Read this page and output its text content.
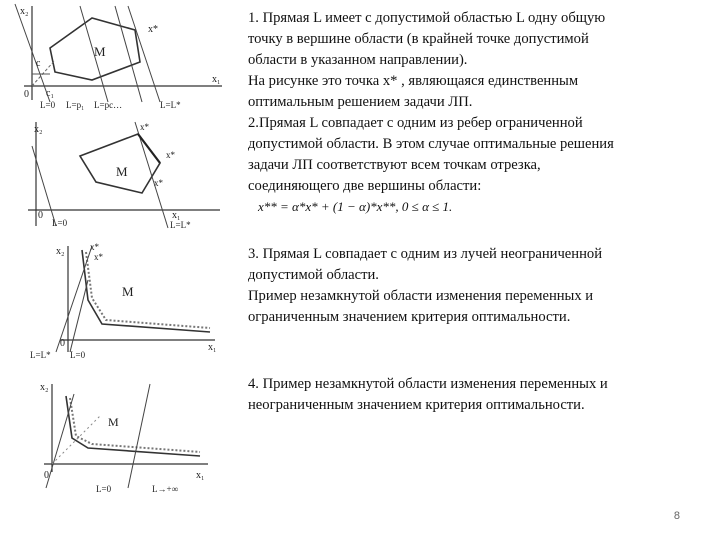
x₂
M
x*
c
0 c₁
x₁
L=0 L=p₁ L=pc…	L=L*
x₂	x*
x*
x*
M
0	x₁
L=0	L=L*
x₂	x*
x*
M
0	x₁
L=L* L=0
x₂
M
0	x₁
L=0	L→+∞

1. Прямая L имеет с допустимой областью L одну общую
точку в вершине области (в крайней точке допустимой
области в указанном направлении).
На рисунке это точка x* , являющаяся единственным
оптимальным решением задачи ЛП.
2.Прямая L совпадает с одним из ребер ограниченной
допустимой области. В этом случае оптимальные решения
задачи ЛП соответствуют всем точкам отрезка,
соединяющего две вершины области:

x** = α*x* + (1 − α)*x**, 0 ≤ α ≤ 1.

3. Прямая L совпадает с одним из лучей неограниченной
допустимой области.
Пример незамкнутой области изменения переменных и
ограниченным значением критерия оптимальности.

4. Пример незамкнутой области изменения переменных и
неограниченным значением критерия оптимальности.

8
